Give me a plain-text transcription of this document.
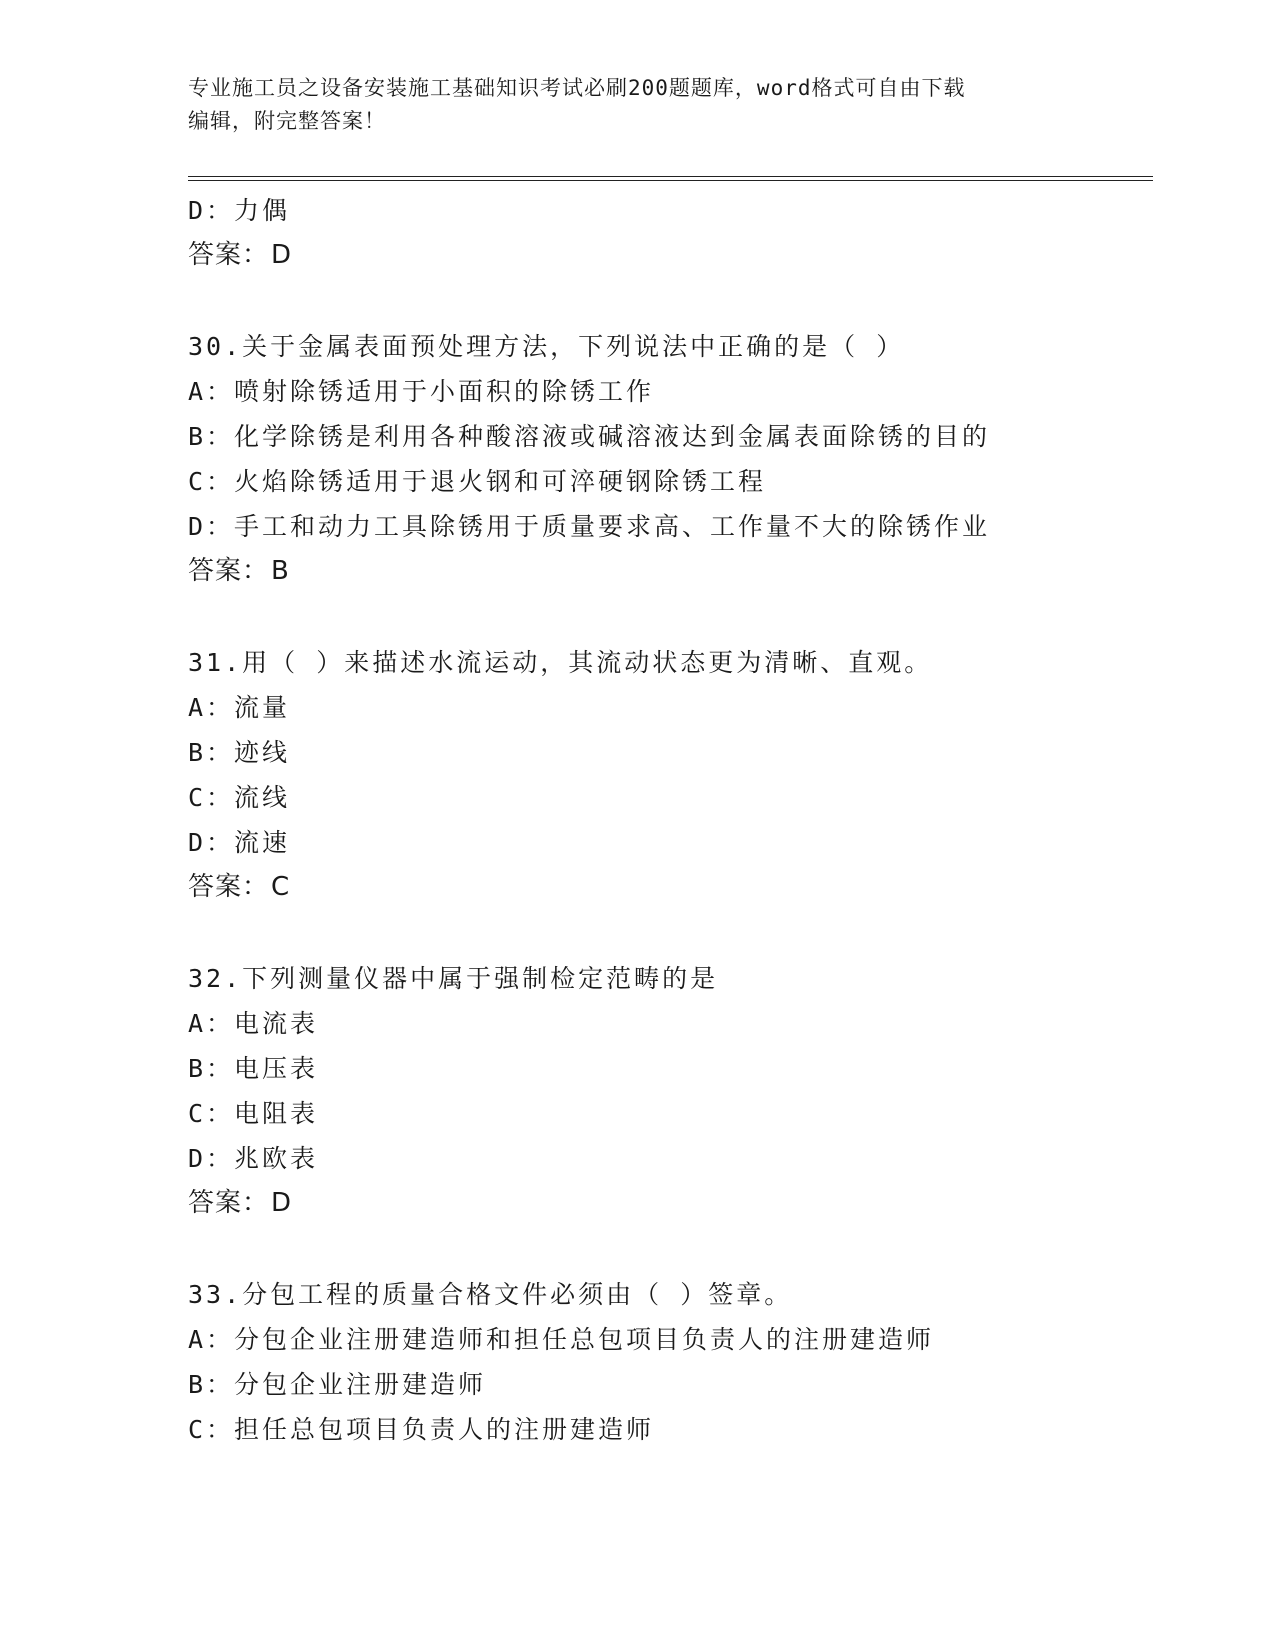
专业施工员之设备安装施工基础知识考试必刷200题题库，word格式可自由下载
编辑，附完整答案！
D：力偶
答案：D
30.关于金属表面预处理方法，下列说法中正确的是（ ）
A：喷射除锈适用于小面积的除锈工作
B：化学除锈是利用各种酸溶液或碱溶液达到金属表面除锈的目的
C：火焰除锈适用于退火钢和可淬硬钢除锈工程
D：手工和动力工具除锈用于质量要求高、工作量不大的除锈作业
答案：B
31.用（ ）来描述水流运动，其流动状态更为清晰、直观。
A：流量
B：迹线
C：流线
D：流速
答案：C
32.下列测量仪器中属于强制检定范畴的是
A：电流表
B：电压表
C：电阻表
D：兆欧表
答案：D
33.分包工程的质量合格文件必须由（ ）签章。
A：分包企业注册建造师和担任总包项目负责人的注册建造师
B：分包企业注册建造师
C：担任总包项目负责人的注册建造师
